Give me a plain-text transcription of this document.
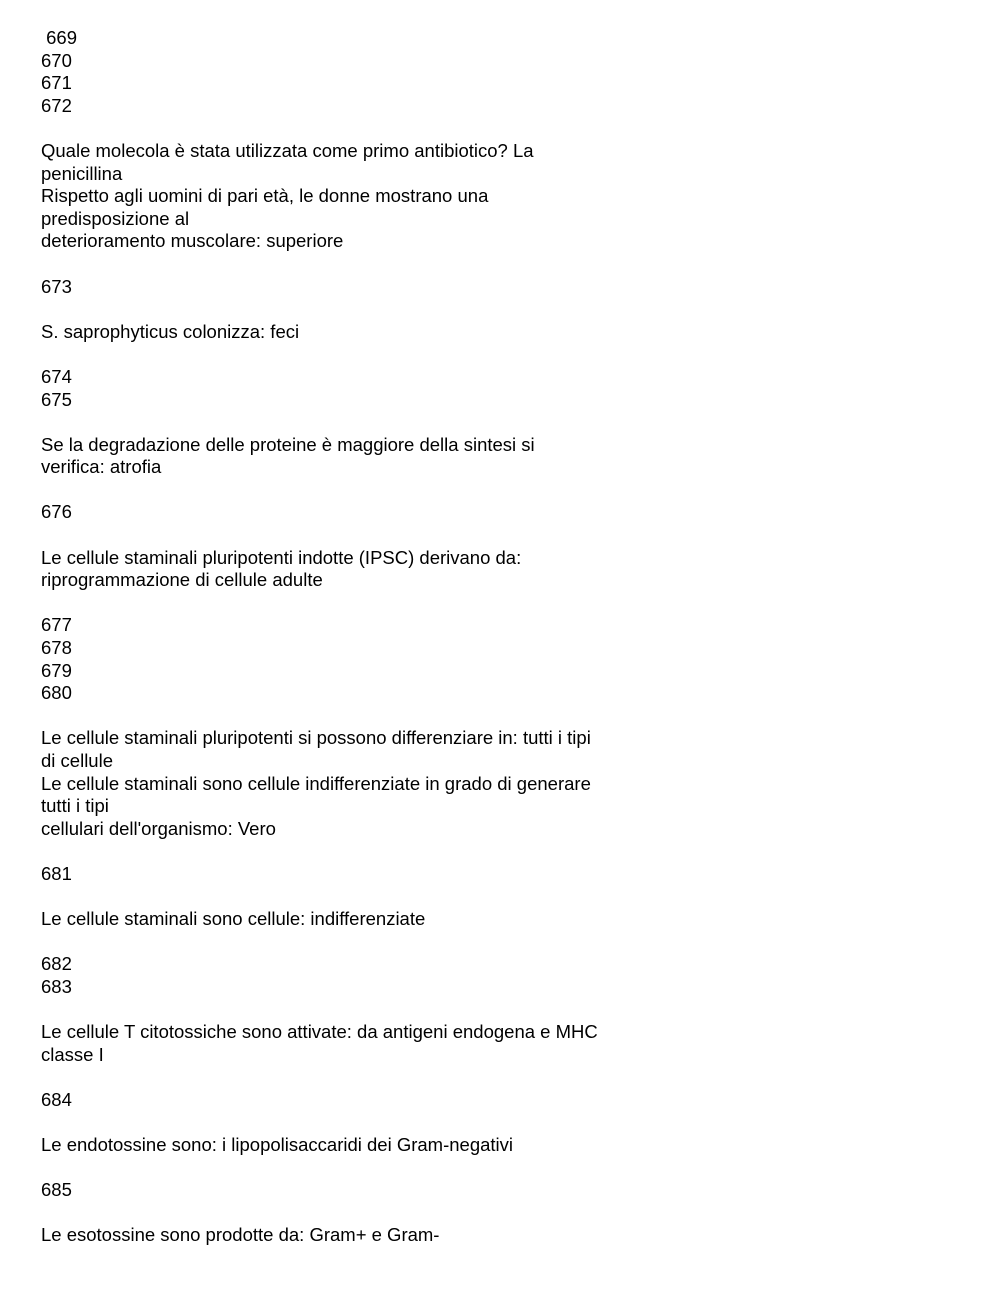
669
670
671
672
Quale molecola è stata utilizzata come primo antibiotico? La
penicillina
Rispetto agli uomini di pari età, le donne mostrano una
predisposizione al
deterioramento muscolare: superiore
673
S. saprophyticus colonizza: feci
674
675
Se la degradazione delle proteine è maggiore della sintesi si
verifica: atrofia
676
Le cellule staminali pluripotenti indotte (IPSC) derivano da:
riprogrammazione di cellule adulte
677
678
679
680
Le cellule staminali pluripotenti si possono differenziare in: tutti i tipi
di cellule
Le cellule staminali sono cellule indifferenziate in grado di generare
tutti i tipi
cellulari dell'organismo: Vero
681
Le cellule staminali sono cellule: indifferenziate
682
683
Le cellule T citotossiche sono attivate: da antigeni endogena e MHC
classe I
684
Le endotossine sono: i lipopolisaccaridi dei Gram-negativi
685
Le esotossine sono prodotte da: Gram+ e Gram-
